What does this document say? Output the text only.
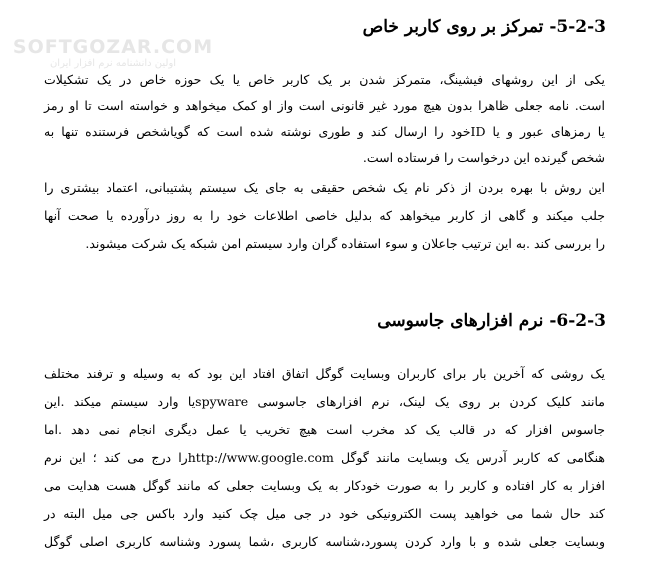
SOFTGOZAR.COM
اولین دانشنامه نرم افزار ایران
5-2-3- تمرکز بر روی کاربر خاص
یکی از این روشهای فیشینگ، متمرکز شدن بر یک کاربر خاص یا یک حوزه خاص در یک تشکیلات
است. نامه جعلی ظاهرا بدون هیچ مورد غیر قانونی است واز او کمک میخواهد و خواسته است تا او رمز
یا رمزهای عبور و یا IDخود را ارسال کند و طوری نوشته شده است که گویاشخص فرستنده تنها به
شخص گیرنده این درخواست را فرستاده است.
این روش با بهره بردن از ذکر نام یک شخص حقیقی به جای یک سیستم پشتیبانی، اعتماد بیشتری را
جلب میکند و گاهی از کاربر میخواهد که بدلیل خاصی اطلاعات خود را به روز درآورده یا صحت آنها
را بررسی کند .به این ترتیب جاعلان و سوء استفاده گران وارد سیستم امن شبکه یک شرکت میشوند.
6-2-3- نرم افزارهای جاسوسی
یک روشی که آخرین بار برای کاربران وبسایت گوگل اتفاق افتاد این بود که به وسیله و ترفند مختلف
مانند کلیک کردن بر روی یک لینک، نرم افزارهای جاسوسی spywareیا وارد سیستم میکند .این
جاسوس افزار که در قالب یک کد مخرب است هیچ تخریب یا عمل دیگری انجام نمی دهد .اما
هنگامی که کاربر آدرس یک وبسایت مانند گوگل http://www.google.comرا درج می کند ؛ این نرم
افزار به کار افتاده و کاربر را به صورت خودکار به یک وبسایت جعلی که مانند گوگل هست هدایت می
کند حال شما می خواهید پست الکترونیکی خود در جی میل چک کنید وارد باکس جی میل البته در
وبسایت جعلی شده و با وارد کردن پسورد،شناسه کاربری ،شما پسورد وشناسه کاربری اصلی گوگل
